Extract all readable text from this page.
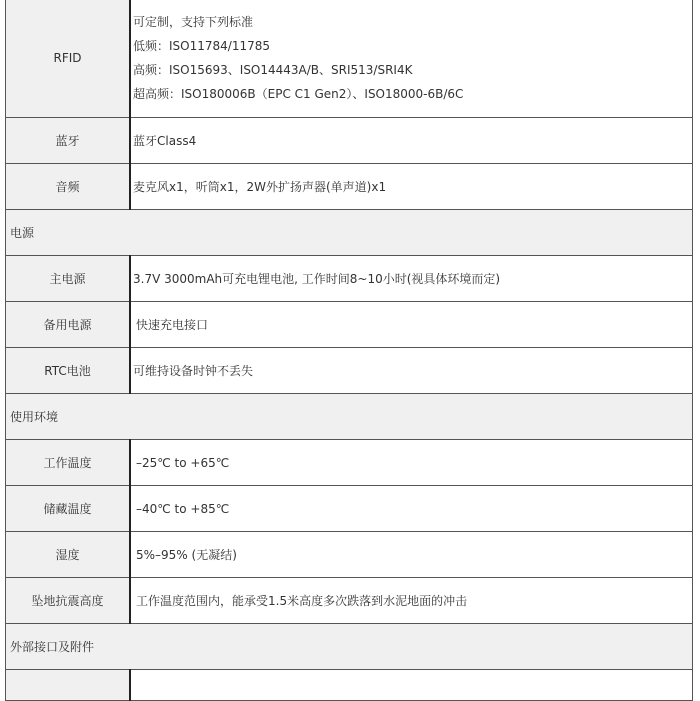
RFID	可定制，支持下列标准
低频：ISO11784/11785
高频：ISO15693、ISO14443A/B、SRI513/SRI4K
超高频：ISO180006B（EPC C1 Gen2）、ISO18000-6B/6C

蓝牙	蓝牙Class4
音频	麦克风x1，听筒x1，2W外扩扬声器(单声道)x1
电源	
主电源	3.7V 3000mAh可充电锂电池, 工作时间8~10小时(视具体环境而定)
备用电源	快速充电接口
RTC电池	可维持设备时钟不丢失
使用环境	
工作温度	–25℃ to +65℃
储藏温度	–40℃ to +85℃
湿度	5%–95% (无凝结)
坠地抗震高度	工作温度范围内，能承受1.5米高度多次跌落到水泥地面的冲击
外部接口及附件	
